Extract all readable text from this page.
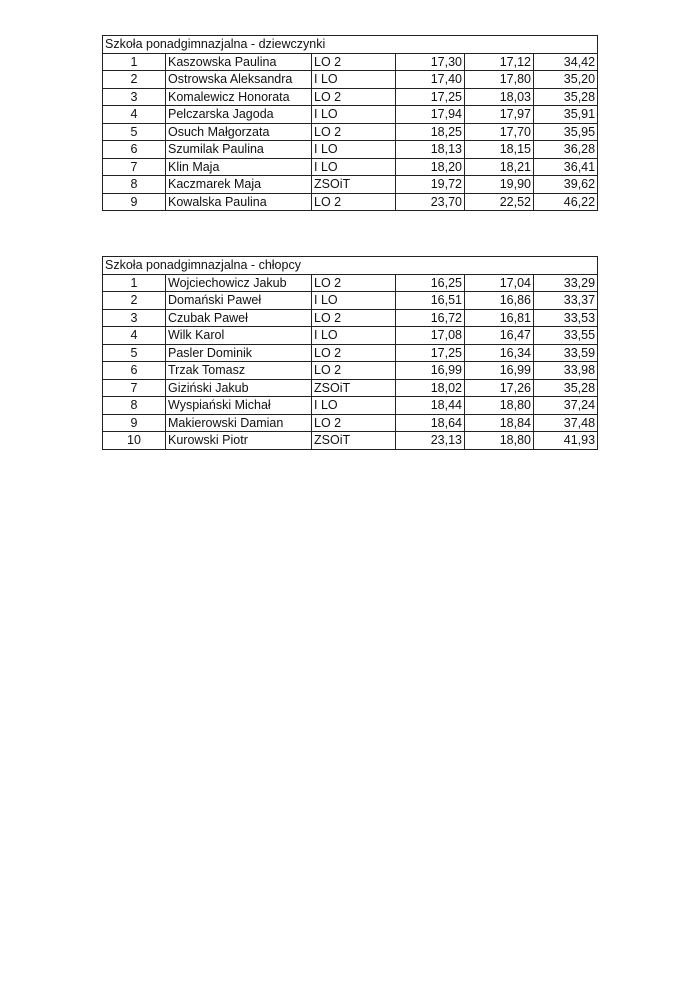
Szkoła ponadgimnazjalna - dziewczynki					
1	Kaszowska Paulina	LO 2	17,30	17,12	34,42
2	Ostrowska Aleksandra	I LO	17,40	17,80	35,20
3	Komalewicz Honorata	LO 2	17,25	18,03	35,28
4	Pelczarska Jagoda	I LO	17,94	17,97	35,91
5	Osuch Małgorzata	LO 2	18,25	17,70	35,95
6	Szumilak Paulina	I LO	18,13	18,15	36,28
7	Klin Maja	I LO	18,20	18,21	36,41
8	Kaczmarek Maja	ZSOiT	19,72	19,90	39,62
9	Kowalska Paulina	LO 2	23,70	22,52	46,22
Szkoła ponadgimnazjalna - chłopcy					
1	Wojciechowicz Jakub	LO 2	16,25	17,04	33,29
2	Domański Paweł	I LO	16,51	16,86	33,37
3	Czubak Paweł	LO 2	16,72	16,81	33,53
4	Wilk Karol	I LO	17,08	16,47	33,55
5	Pasler Dominik	LO 2	17,25	16,34	33,59
6	Trzak Tomasz	LO 2	16,99	16,99	33,98
7	Giziński Jakub	ZSOiT	18,02	17,26	35,28
8	Wyspiański Michał	I LO	18,44	18,80	37,24
9	Makierowski Damian	LO 2	18,64	18,84	37,48
10	Kurowski Piotr	ZSOiT	23,13	18,80	41,93
